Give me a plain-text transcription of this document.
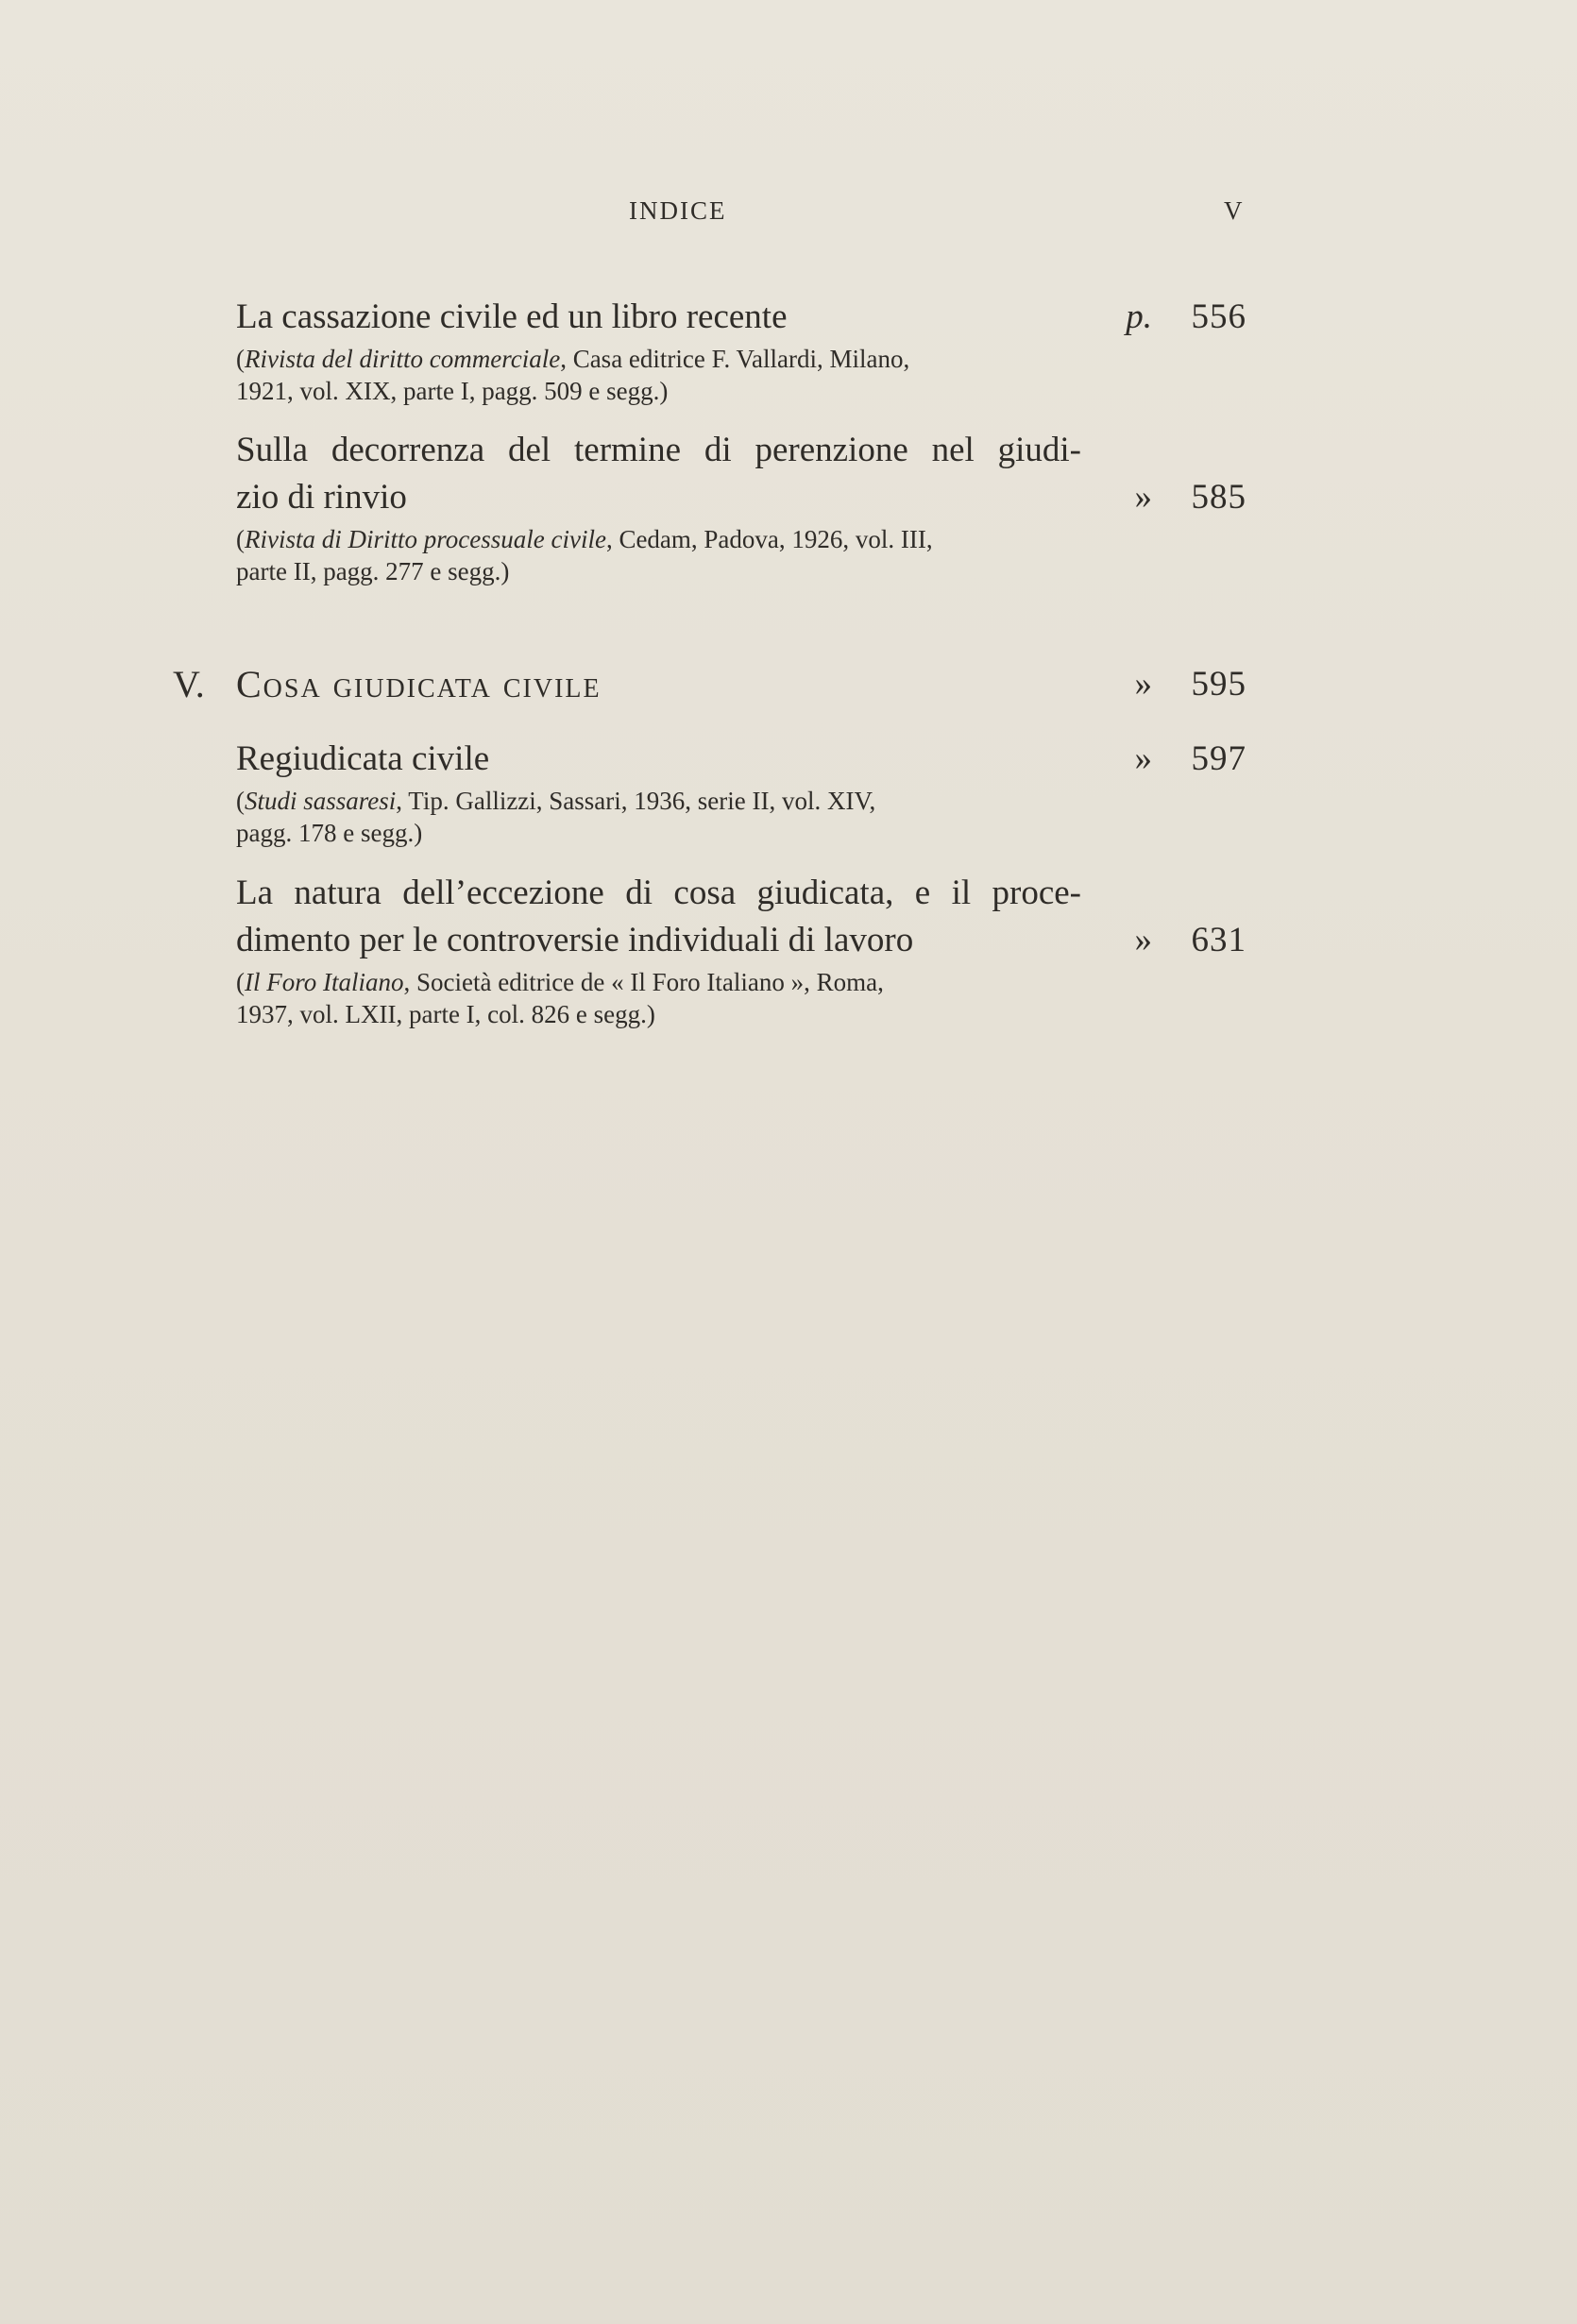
INDICE	V
La cassazione civile ed un libro recente
(Rivista del diritto commerciale, Casa editrice F. Vallardi, Milano,
1921, vol. XIX, parte I, pagg. 509 e segg.)
p. 556
Sulla decorrenza del termine di perenzione nel giudi-
zio di rinvio
(Rivista di Diritto processuale civile, Cedam, Padova, 1926, vol. III,
parte II, pagg. 277 e segg.)
» 585
V. Cosa giudicata civile	» 595
Regiudicata civile
(Studi sassaresi, Tip. Gallizzi, Sassari, 1936, serie II, vol. XIV,
pagg. 178 e segg.)
» 597
La natura dell’eccezione di cosa giudicata, e il proce-
dimento per le controversie individuali di lavoro
(Il Foro Italiano, Società editrice de « Il Foro Italiano », Roma,
1937, vol. LXII, parte I, col. 826 e segg.)
» 631
